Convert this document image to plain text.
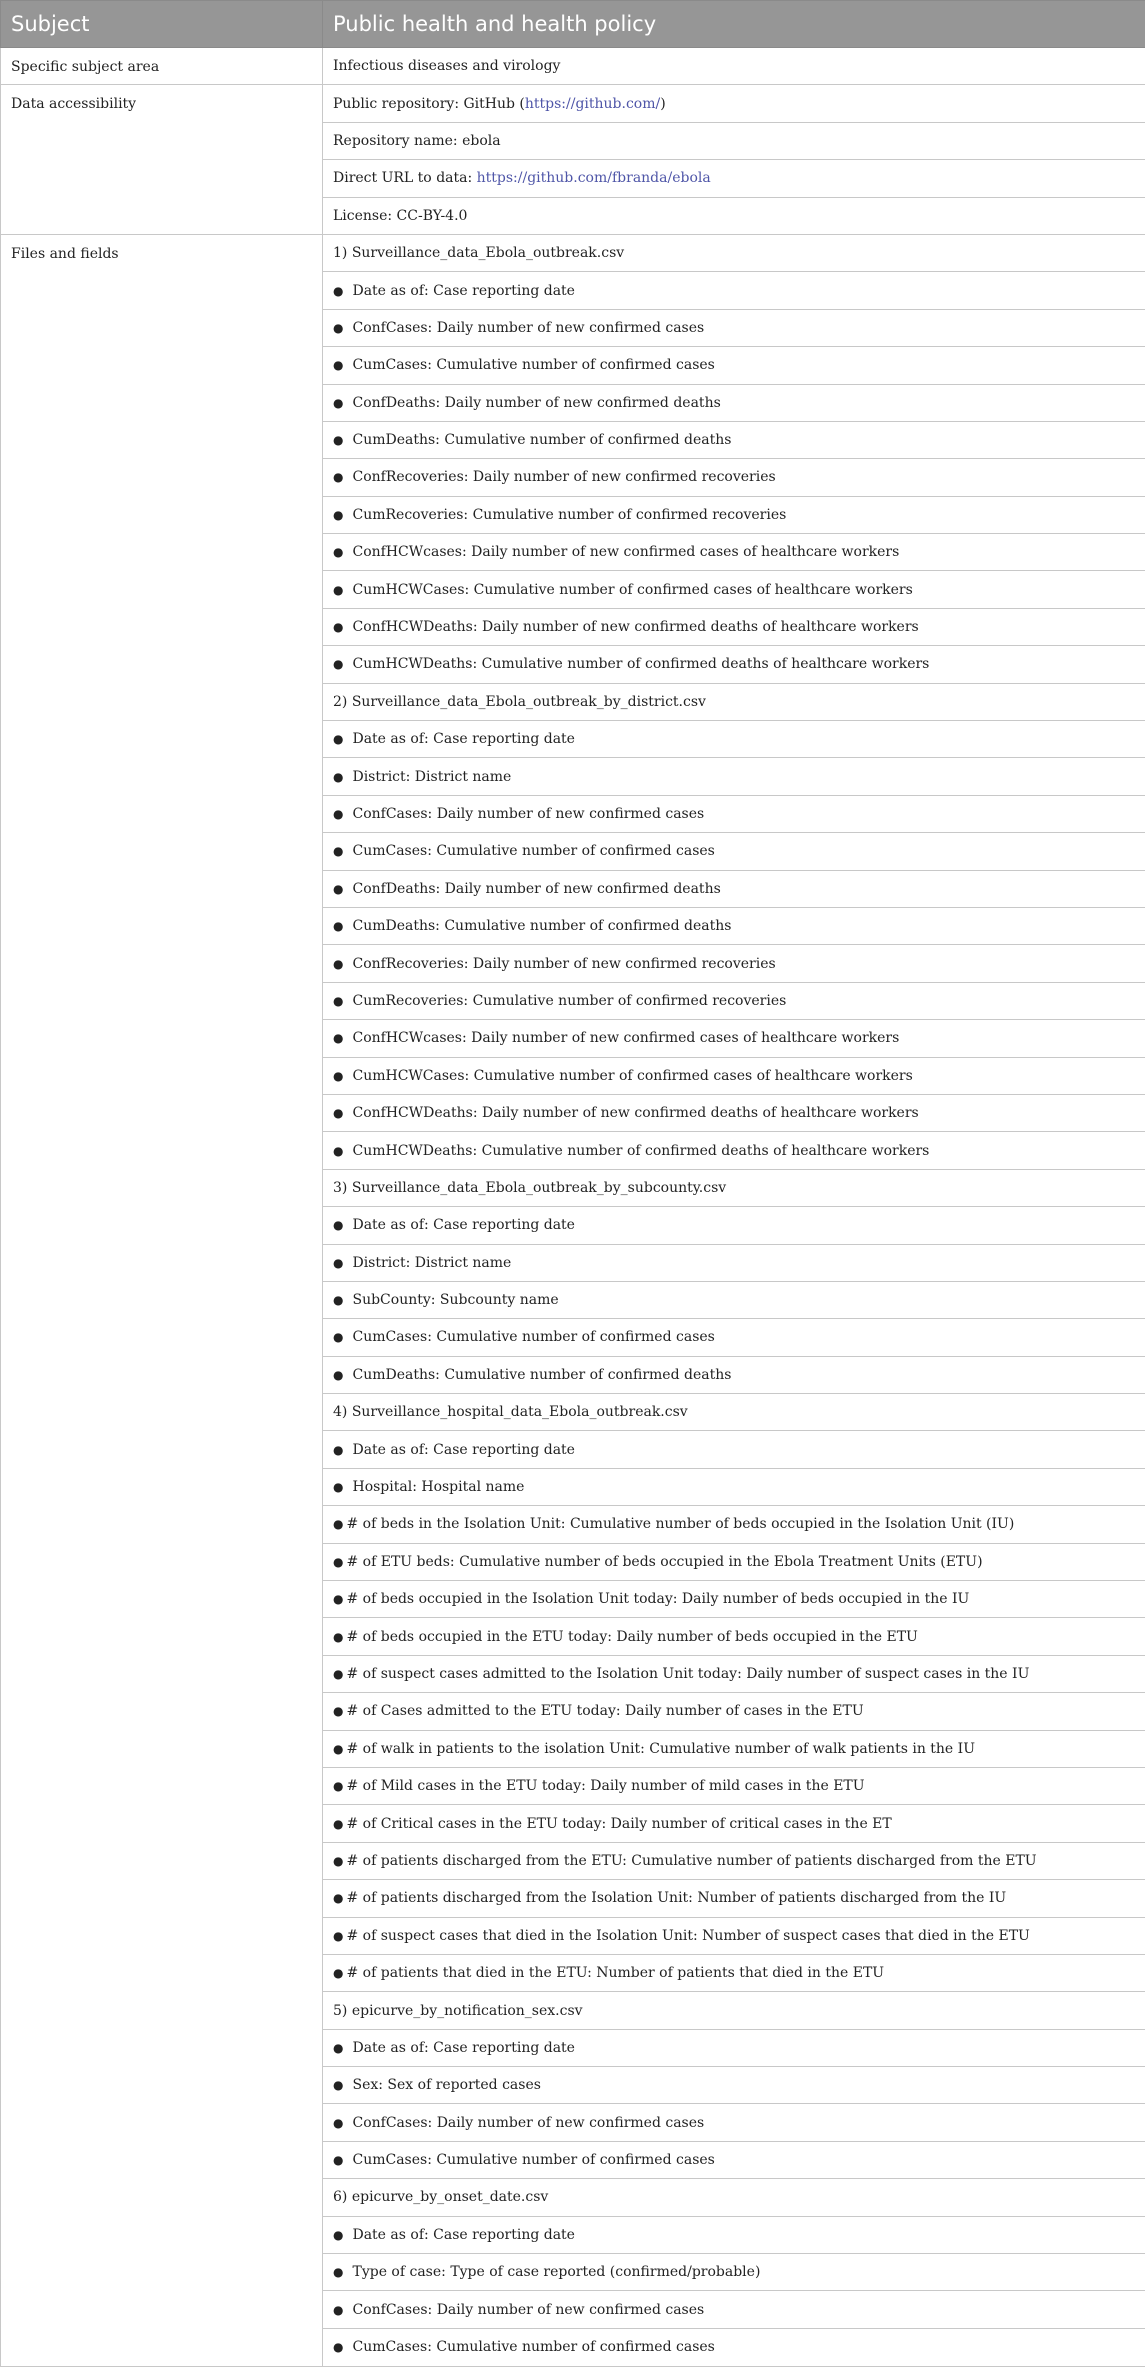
Subject	Public health and health policy
Specific subject area	Infectious diseases and virology
Data accessibility	Public repository: GitHub (https://github.com/)
	Repository name: ebola
	Direct URL to data: https://github.com/fbranda/ebola
	License: CC-BY-4.0
Files and fields	1) Surveillance_data_Ebola_outbreak.csv
	● Date as of: Case reporting date
	● ConfCases: Daily number of new confirmed cases
	● CumCases: Cumulative number of confirmed cases
	● ConfDeaths: Daily number of new confirmed deaths
	● CumDeaths: Cumulative number of confirmed deaths
	● ConfRecoveries: Daily number of new confirmed recoveries
	● CumRecoveries: Cumulative number of confirmed recoveries
	● ConfHCWcases: Daily number of new confirmed cases of healthcare workers
	● CumHCWCases: Cumulative number of confirmed cases of healthcare workers
	● ConfHCWDeaths: Daily number of new confirmed deaths of healthcare workers
	● CumHCWDeaths: Cumulative number of confirmed deaths of healthcare workers
	2) Surveillance_data_Ebola_outbreak_by_district.csv
	● Date as of: Case reporting date
	● District: District name
	● ConfCases: Daily number of new confirmed cases
	● CumCases: Cumulative number of confirmed cases
	● ConfDeaths: Daily number of new confirmed deaths
	● CumDeaths: Cumulative number of confirmed deaths
	● ConfRecoveries: Daily number of new confirmed recoveries
	● CumRecoveries: Cumulative number of confirmed recoveries
	● ConfHCWcases: Daily number of new confirmed cases of healthcare workers
	● CumHCWCases: Cumulative number of confirmed cases of healthcare workers
	● ConfHCWDeaths: Daily number of new confirmed deaths of healthcare workers
	● CumHCWDeaths: Cumulative number of confirmed deaths of healthcare workers
	3) Surveillance_data_Ebola_outbreak_by_subcounty.csv
	● Date as of: Case reporting date
	● District: District name
	● SubCounty: Subcounty name
	● CumCases: Cumulative number of confirmed cases
	● CumDeaths: Cumulative number of confirmed deaths
	4) Surveillance_hospital_data_Ebola_outbreak.csv
	● Date as of: Case reporting date
	● Hospital: Hospital name
	● # of beds in the Isolation Unit: Cumulative number of beds occupied in the Isolation Unit (IU)
	● # of ETU beds: Cumulative number of beds occupied in the Ebola Treatment Units (ETU)
	● # of beds occupied in the Isolation Unit today: Daily number of beds occupied in the IU
	● # of beds occupied in the ETU today: Daily number of beds occupied in the ETU
	● # of suspect cases admitted to the Isolation Unit today: Daily number of suspect cases in the IU
	● # of Cases admitted to the ETU today: Daily number of cases in the ETU
	● # of walk in patients to the isolation Unit: Cumulative number of walk patients in the IU
	● # of Mild cases in the ETU today: Daily number of mild cases in the ETU
	● # of Critical cases in the ETU today: Daily number of critical cases in the ET
	● # of patients discharged from the ETU: Cumulative number of patients discharged from the ETU
	● # of patients discharged from the Isolation Unit: Number of patients discharged from the IU
	● # of suspect cases that died in the Isolation Unit: Number of suspect cases that died in the ETU
	● # of patients that died in the ETU: Number of patients that died in the ETU
	5) epicurve_by_notification_sex.csv
	● Date as of: Case reporting date
	● Sex: Sex of reported cases
	● ConfCases: Daily number of new confirmed cases
	● CumCases: Cumulative number of confirmed cases
	6) epicurve_by_onset_date.csv
	● Date as of: Case reporting date
	● Type of case: Type of case reported (confirmed/probable)
	● ConfCases: Daily number of new confirmed cases
	● CumCases: Cumulative number of confirmed cases
